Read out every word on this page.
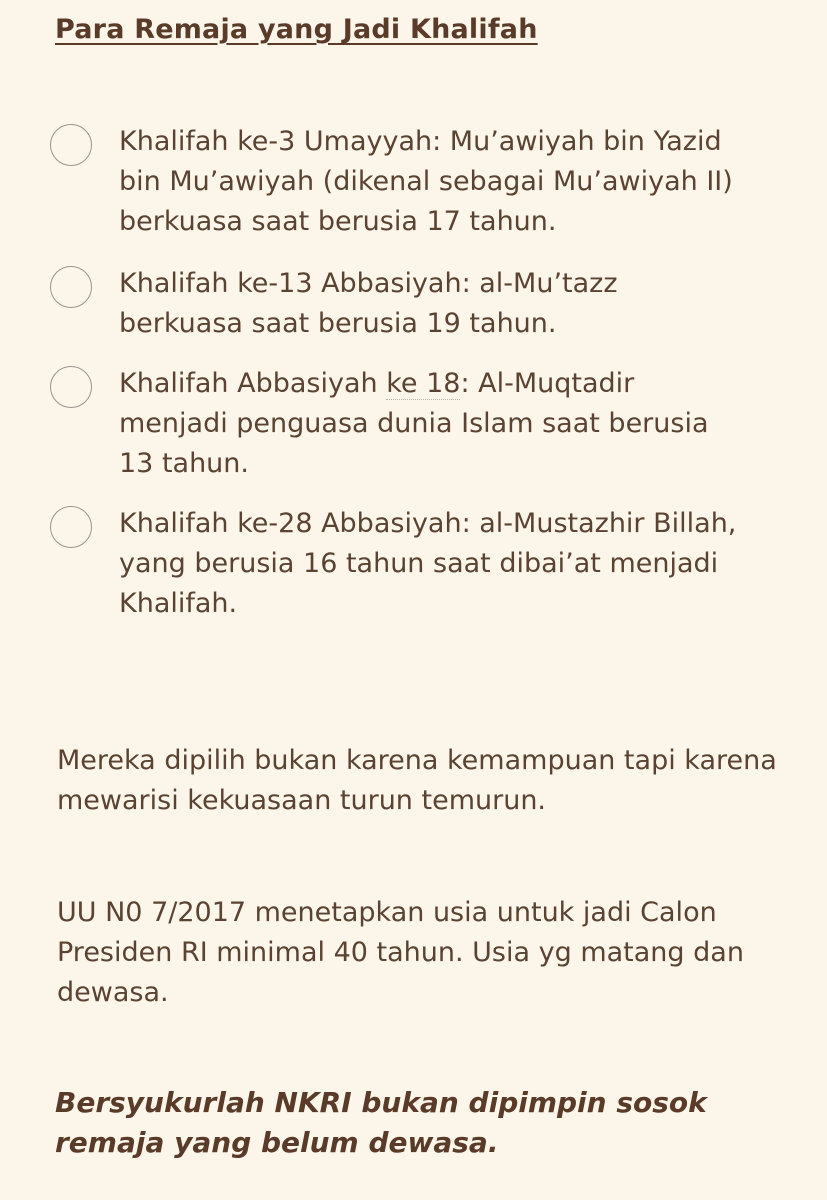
Para Remaja yang Jadi Khalifah
Khalifah ke-3 Umayyah: Mu’awiyah bin Yazid bin Mu’awiyah (dikenal sebagai Mu’awiyah II) berkuasa saat berusia 17 tahun.
Khalifah ke-13 Abbasiyah: al-Mu’tazz berkuasa saat berusia 19 tahun.
Khalifah Abbasiyah ke 18: Al-Muqtadir menjadi penguasa dunia Islam saat berusia 13 tahun.
Khalifah ke-28 Abbasiyah: al-Mustazhir Billah, yang berusia 16 tahun saat dibai’at menjadi Khalifah.
Mereka dipilih bukan karena kemampuan tapi karena mewarisi kekuasaan turun temurun.
UU N0 7/2017 menetapkan usia untuk jadi Calon Presiden RI minimal 40 tahun. Usia yg matang dan dewasa.
Bersyukurlah NKRI bukan dipimpin sosok remaja yang belum dewasa.
